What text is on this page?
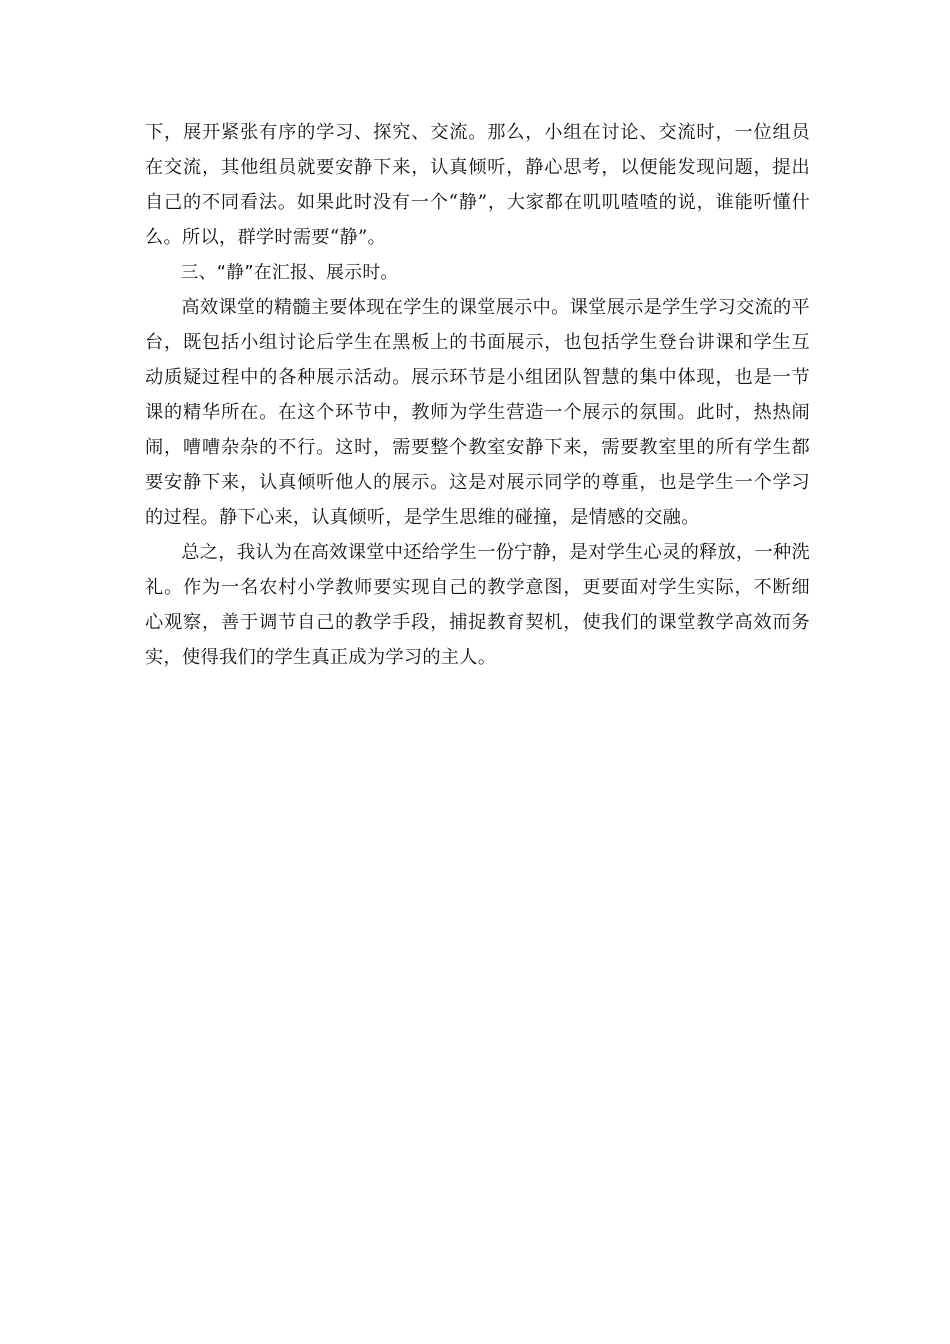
下，展开紧张有序的学习、探究、交流。那么，小组在讨论、交流时，一位组员在交流，其他组员就要安静下来，认真倾听，静心思考，以便能发现问题，提出自己的不同看法。如果此时没有一个“静”，大家都在叽叽喳喳的说，谁能听懂什么。所以，群学时需要“静”。

三、“静”在汇报、展示时。

高效课堂的精髓主要体现在学生的课堂展示中。课堂展示是学生学习交流的平台，既包括小组讨论后学生在黑板上的书面展示，也包括学生登台讲课和学生互动质疑过程中的各种展示活动。展示环节是小组团队智慧的集中体现，也是一节课的精华所在。在这个环节中，教师为学生营造一个展示的氛围。此时，热热闹闹，嘈嘈杂杂的不行。这时，需要整个教室安静下来，需要教室里的所有学生都要安静下来，认真倾听他人的展示。这是对展示同学的尊重，也是学生一个学习的过程。静下心来，认真倾听，是学生思维的碰撞，是情感的交融。

总之，我认为在高效课堂中还给学生一份宁静，是对学生心灵的释放，一种洗礼。作为一名农村小学教师要实现自己的教学意图，更要面对学生实际，不断细心观察，善于调节自己的教学手段，捕捉教育契机，使我们的课堂教学高效而务实，使得我们的学生真正成为学习的主人。
